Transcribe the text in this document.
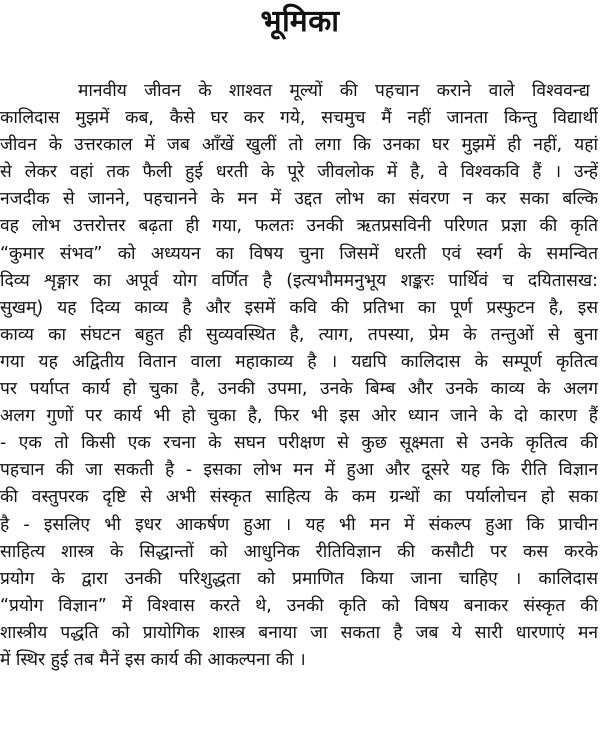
भूमिका
मानवीय जीवन के शाश्वत मूल्यों की पहचान कराने वाले विश्ववन्द्य
कालिदास मुझमें कब, कैसे घर कर गये, सचमुच मैं नहीं जानता किन्तु विद्यार्थी
जीवन के उत्तरकाल में जब आँखें खुलीं तो लगा कि उनका घर मुझमें ही नहीं, यहां
से लेकर वहां तक फैली हुई धरती के पूरे जीवलोक में है, वे विश्वकवि हैं । उन्हें
नजदीक से जानने, पहचानने के मन में उद्दत लोभ का संवरण न कर सका बल्कि
वह लोभ उत्तरोत्तर बढ़ता ही गया, फलतः उनकी ऋतप्रसविनी परिणत प्रज्ञा की कृति
“कुमार संभव” को अध्ययन का विषय चुना जिसमें धरती एवं स्वर्ग के समन्वित
दिव्य शृङ्गार का अपूर्व योग वर्णित है (इत्यभौममनुभूय शङ्करः पार्थिवं च दयितासख:
सुखम्) यह दिव्य काव्य है और इसमें कवि की प्रतिभा का पूर्ण प्रस्फुटन है, इस
काव्य का संघटन बहुत ही सुव्यवस्थित है, त्याग, तपस्या, प्रेम के तन्तुओं से बुना
गया यह अद्वितीय वितान वाला महाकाव्य है । यद्यपि कालिदास के सम्पूर्ण कृतित्व
पर पर्याप्त कार्य हो चुका है, उनकी उपमा, उनके बिम्ब और उनके काव्य के अलग
अलग गुणों पर कार्य भी हो चुका है, फिर भी इस ओर ध्यान जाने के दो कारण हैं
- एक तो किसी एक रचना के सघन परीक्षण से कुछ सूक्ष्मता से उनके कृतित्व की
पहचान की जा सकती है - इसका लोभ मन में हुआ और दूसरे यह कि रीति विज्ञान
की वस्तुपरक दृष्टि से अभी संस्कृत साहित्य के कम ग्रन्थों का पर्यालोचन हो सका
है - इसलिए भी इधर आकर्षण हुआ । यह भी मन में संकल्प हुआ कि प्राचीन
साहित्य शास्त्र के सिद्धान्तों को आधुनिक रीतिविज्ञान की कसौटी पर कस करके
प्रयोग के द्वारा उनकी परिशुद्धता को प्रमाणित किया जाना चाहिए । कालिदास
“प्रयोग विज्ञान” में विश्वास करते थे, उनकी कृति को विषय बनाकर संस्कृत की
शास्त्रीय पद्धति को प्रायोगिक शास्त्र बनाया जा सकता है जब ये सारी धारणाएं मन
में स्थिर हुई तब मैनें इस कार्य की आकल्पना की ।
